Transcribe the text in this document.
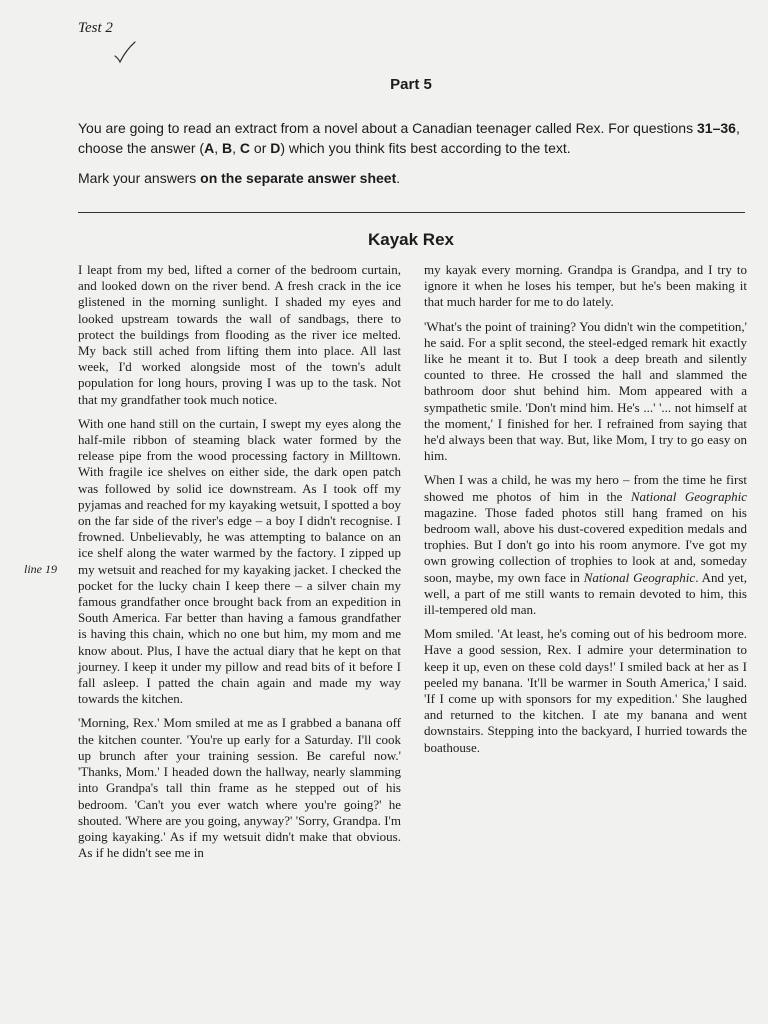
Test 2
Part 5

You are going to read an extract from a novel about a Canadian teenager called Rex. For questions 31–36, choose the answer (A, B, C or D) which you think fits best according to the text.

Mark your answers on the separate answer sheet.

Kayak Rex
line 19

I leapt from my bed, lifted a corner of the bedroom curtain, and looked down on the river bend. A fresh crack in the ice glistened in the morning sunlight. I shaded my eyes and looked upstream towards the wall of sandbags, there to protect the buildings from flooding as the river ice melted. My back still ached from lifting them into place. All last week, I'd worked alongside most of the town's adult population for long hours, proving I was up to the task. Not that my grandfather took much notice.

With one hand still on the curtain, I swept my eyes along the half-mile ribbon of steaming black water formed by the release pipe from the wood processing factory in Milltown. With fragile ice shelves on either side, the dark open patch was followed by solid ice downstream. As I took off my pyjamas and reached for my kayaking wetsuit, I spotted a boy on the far side of the river's edge – a boy I didn't recognise. I frowned. Unbelievably, he was attempting to balance on an ice shelf along the water warmed by the factory. I zipped up my wetsuit and reached for my kayaking jacket. I checked the pocket for the lucky chain I keep there – a silver chain my famous grandfather once brought back from an expedition in South America. Far better than having a famous grandfather is having this chain, which no one but him, my mom and me know about. Plus, I have the actual diary that he kept on that journey. I keep it under my pillow and read bits of it before I fall asleep. I patted the chain again and made my way towards the kitchen.

'Morning, Rex.' Mom smiled at me as I grabbed a banana off the kitchen counter. 'You're up early for a Saturday. I'll cook up brunch after your training session. Be careful now.' 'Thanks, Mom.' I headed down the hallway, nearly slamming into Grandpa's tall thin frame as he stepped out of his bedroom. 'Can't you ever watch where you're going?' he shouted. 'Where are you going, anyway?' 'Sorry, Grandpa. I'm going kayaking.' As if my wetsuit didn't make that obvious. As if he didn't see me in

my kayak every morning. Grandpa is Grandpa, and I try to ignore it when he loses his temper, but he's been making it that much harder for me to do lately.

'What's the point of training? You didn't win the competition,' he said. For a split second, the steel-edged remark hit exactly like he meant it to. But I took a deep breath and silently counted to three. He crossed the hall and slammed the bathroom door shut behind him. Mom appeared with a sympathetic smile. 'Don't mind him. He's ...' '... not himself at the moment,' I finished for her. I refrained from saying that he'd always been that way. But, like Mom, I try to go easy on him.

When I was a child, he was my hero – from the time he first showed me photos of him in the National Geographic magazine. Those faded photos still hang framed on his bedroom wall, above his dust-covered expedition medals and trophies. But I don't go into his room anymore. I've got my own growing collection of trophies to look at and, someday soon, maybe, my own face in National Geographic. And yet, well, a part of me still wants to remain devoted to him, this ill-tempered old man.

Mom smiled. 'At least, he's coming out of his bedroom more. Have a good session, Rex. I admire your determination to keep it up, even on these cold days!' I smiled back at her as I peeled my banana. 'It'll be warmer in South America,' I said. 'If I come up with sponsors for my expedition.' She laughed and returned to the kitchen. I ate my banana and went downstairs. Stepping into the backyard, I hurried towards the boathouse.
